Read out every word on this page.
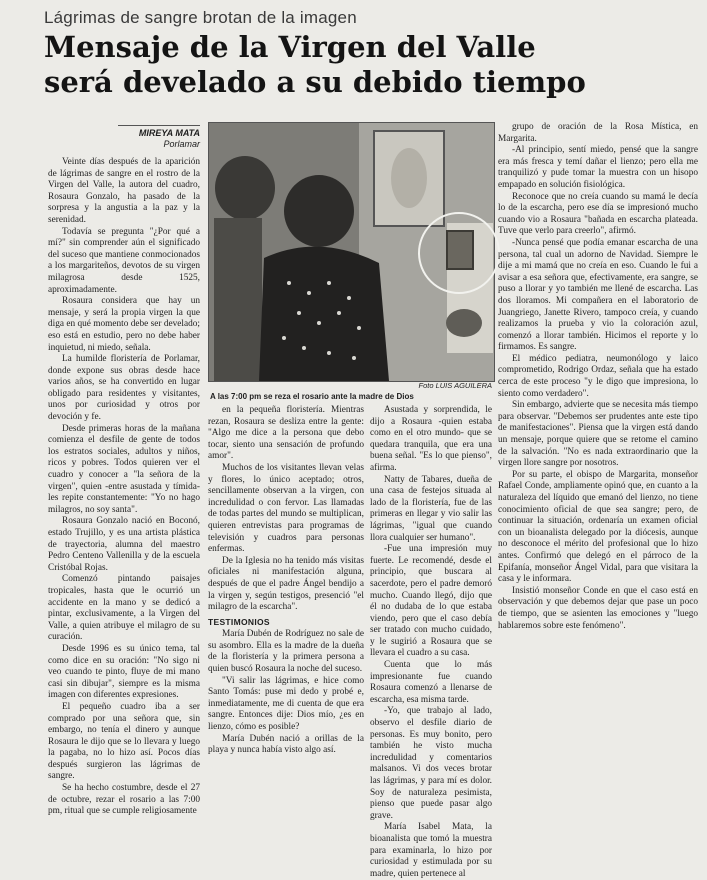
Lágrimas de sangre brotan de la imagen
Mensaje de la Virgen del Valle
será develado a su debido tiempo
MIREYA MATA
Porlamar

Veinte días después de la aparición de lágrimas de sangre en el rostro de la Virgen del Valle, la autora del cuadro, Rosaura Gonzalo, ha pasado de la sorpresa y la angustia a la paz y la serenidad.

Todavía se pregunta "¿Por qué a mí?" sin comprender aún el significado del suceso que mantiene conmocionados a los margariteños, devotos de su virgen milagrosa desde 1525, aproximadamente.

Rosaura considera que hay un mensaje, y será la propia virgen la que diga en qué momento debe ser develado; eso está en estudio, pero no debe haber inquietud, ni miedo, señala.

La humilde floristería de Porlamar, donde expone sus obras desde hace varios años, se ha convertido en lugar obligado para residentes y visitantes, unos por curiosidad y otros por devoción y fe.

Desde primeras horas de la mañana comienza el desfile de gente de todos los estratos sociales, adultos y niños, ricos y pobres. Todos quieren ver el cuadro y conocer a "la señora de la virgen", quien -entre asustada y tímida- les repite constantemente: "Yo no hago milagros, no soy santa".

Rosaura Gonzalo nació en Boconó, estado Trujillo, y es una artista plástica de trayectoria, alumna del maestro Pedro Centeno Vallenilla y de la escuela Cristóbal Rojas.

Comenzó pintando paisajes tropicales, hasta que le ocurrió un accidente en la mano y se dedicó a pintar, exclusivamente, a la Virgen del Valle, a quien atribuye el milagro de su curación.

Desde 1996 es su único tema, tal como dice en su oración: "No sigo ni veo cuando te pinto, fluye de mi mano casi sin dibujar", siempre es la misma imagen con diferentes expresiones.

El pequeño cuadro iba a ser comprado por una señora que, sin embargo, no tenía el dinero y aunque Rosaura le dijo que se lo llevara y luego la pagaba, no lo hizo así. Pocos días después surgieron las lágrimas de sangre.

Se ha hecho costumbre, desde el 27 de octubre, rezar el rosario a las 7:00 pm, ritual que se cumple religiosamente

Foto LUIS AGUILERA
A las 7:00 pm se reza el rosario ante la madre de Dios

en la pequeña floristería. Mientras rezan, Rosaura se desliza entre la gente: "Algo me dice a la persona que debo tocar, siento una sensación de profundo amor".

Muchos de los visitantes llevan velas y flores, lo único aceptado; otros, sencillamente observan a la virgen, con incredulidad o con fervor. Las llamadas de todas partes del mundo se multiplican, quieren entrevistas para programas de televisión y cuadros para personas enfermas.

De la Iglesia no ha tenido más visitas oficiales ni manifestación alguna, después de que el padre Ángel bendijo a la virgen y, según testigos, presenció "el milagro de la escarcha".

TESTIMONIOS

María Dubén de Rodríguez no sale de su asombro. Ella es la madre de la dueña de la floristería y la primera persona a quien buscó Rosaura la noche del suceso.

"Vi salir las lágrimas, e hice como Santo Tomás: puse mi dedo y probé e, inmediatamente, me di cuenta de que era sangre. Entonces dije: Dios mío, ¿es en lienzo, cómo es posible?

María Dubén nació a orillas de la playa y nunca había visto algo así.

Asustada y sorprendida, le dijo a Rosaura -quien estaba como en el otro mundo- que se quedara tranquila, que era una buena señal. "Es lo que pienso", afirma.

Natty de Tabares, dueña de una casa de festejos situada al lado de la floristería, fue de las primeras en llegar y vio salir las lágrimas, "igual que cuando llora cualquier ser humano".

-Fue una impresión muy fuerte. Le recomendé, desde el principio, que buscara al sacerdote, pero el padre demoró mucho. Cuando llegó, dijo que él no dudaba de lo que estaba viendo, pero que el caso debía ser tratado con mucho cuidado, y le sugirió a Rosaura que se llevara el cuadro a su casa.

Cuenta que lo más impresionante fue cuando Rosaura comenzó a llenarse de escarcha, esa misma tarde.

-Yo, que trabajo al lado, observo el desfile diario de personas. Es muy bonito, pero también he visto mucha incredulidad y comentarios malsanos. Vi dos veces brotar las lágrimas, y para mí es dolor. Soy de naturaleza pesimista, pienso que puede pasar algo grave.

María Isabel Mata, la bioanalista que tomó la muestra para examinarla, lo hizo por curiosidad y estimulada por su madre, quien pertenece al

grupo de oración de la Rosa Mística, en Margarita.

-Al principio, sentí miedo, pensé que la sangre era más fresca y temí dañar el lienzo; pero ella me tranquilizó y pude tomar la muestra con un hisopo empapado en solución fisiológica.

Reconoce que no creía cuando su mamá le decía lo de la escarcha, pero ese día se impresionó mucho cuando vio a Rosaura "bañada en escarcha plateada. Tuve que verlo para creerlo", afirmó.

-Nunca pensé que podía emanar escarcha de una persona, tal cual un adorno de Navidad. Siempre le dije a mi mamá que no creía en eso. Cuando le fui a avisar a esa señora que, efectivamente, era sangre, se puso a llorar y yo también me llené de escarcha. Las dos lloramos. Mi compañera en el laboratorio de Juangriego, Janette Rivero, tampoco creía, y cuando realizamos la prueba y vio la coloración azul, comenzó a llorar también. Hicimos el reporte y lo firmamos. Es sangre.

El médico pediatra, neumonólogo y laico comprometido, Rodrigo Ordaz, señala que ha estado cerca de este proceso "y le digo que impresiona, lo siento como verdadero".

Sin embargo, advierte que se necesita más tiempo para observar. "Debemos ser prudentes ante este tipo de manifestaciones". Piensa que la virgen está dando un mensaje, porque quiere que se retome el camino de la salvación. "No es nada extraordinario que la virgen llore sangre por nosotros.

Por su parte, el obispo de Margarita, monseñor Rafael Conde, ampliamente opinó que, en cuanto a la naturaleza del líquido que emanó del lienzo, no tiene conocimiento oficial de que sea sangre; pero, de continuar la situación, ordenaría un examen oficial con un bioanalista delegado por la diócesis, aunque no desconoce el mérito del profesional que lo hizo antes. Confirmó que delegó en el párroco de la Epifanía, monseñor Ángel Vidal, para que visitara la casa y le informara.

Insistió monseñor Conde en que el caso está en observación y que debemos dejar que pase un poco de tiempo, que se asienten las emociones y "luego hablaremos sobre este fenómeno".
